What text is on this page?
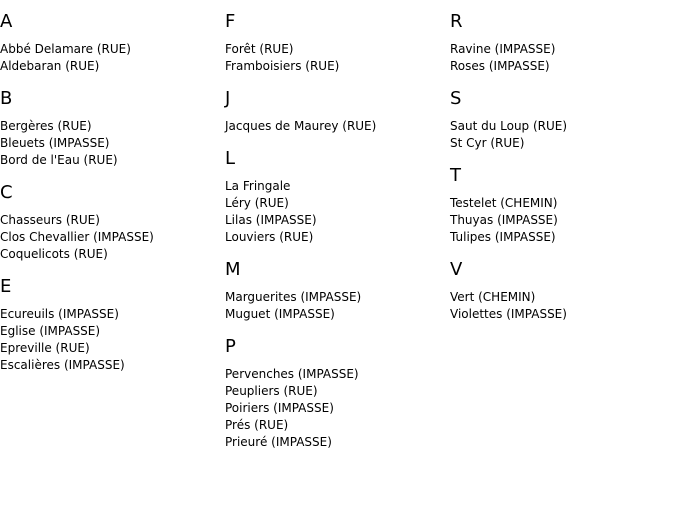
A
Abbé Delamare (RUE)
Aldebaran (RUE)
B
Bergères (RUE)
Bleuets (IMPASSE)
Bord de l'Eau (RUE)
C
Chasseurs (RUE)
Clos Chevallier (IMPASSE)
Coquelicots (RUE)
E
Ecureuils (IMPASSE)
Eglise (IMPASSE)
Epreville (RUE)
Escalières (IMPASSE)
F
Forêt (RUE)
Framboisiers (RUE)
J
Jacques de Maurey (RUE)
L
La Fringale
Léry (RUE)
Lilas (IMPASSE)
Louviers (RUE)
M
Marguerites (IMPASSE)
Muguet (IMPASSE)
P
Pervenches (IMPASSE)
Peupliers (RUE)
Poiriers (IMPASSE)
Prés (RUE)
Prieuré (IMPASSE)
R
Ravine (IMPASSE)
Roses (IMPASSE)
S
Saut du Loup (RUE)
St Cyr (RUE)
T
Testelet (CHEMIN)
Thuyas (IMPASSE)
Tulipes (IMPASSE)
V
Vert (CHEMIN)
Violettes (IMPASSE)
